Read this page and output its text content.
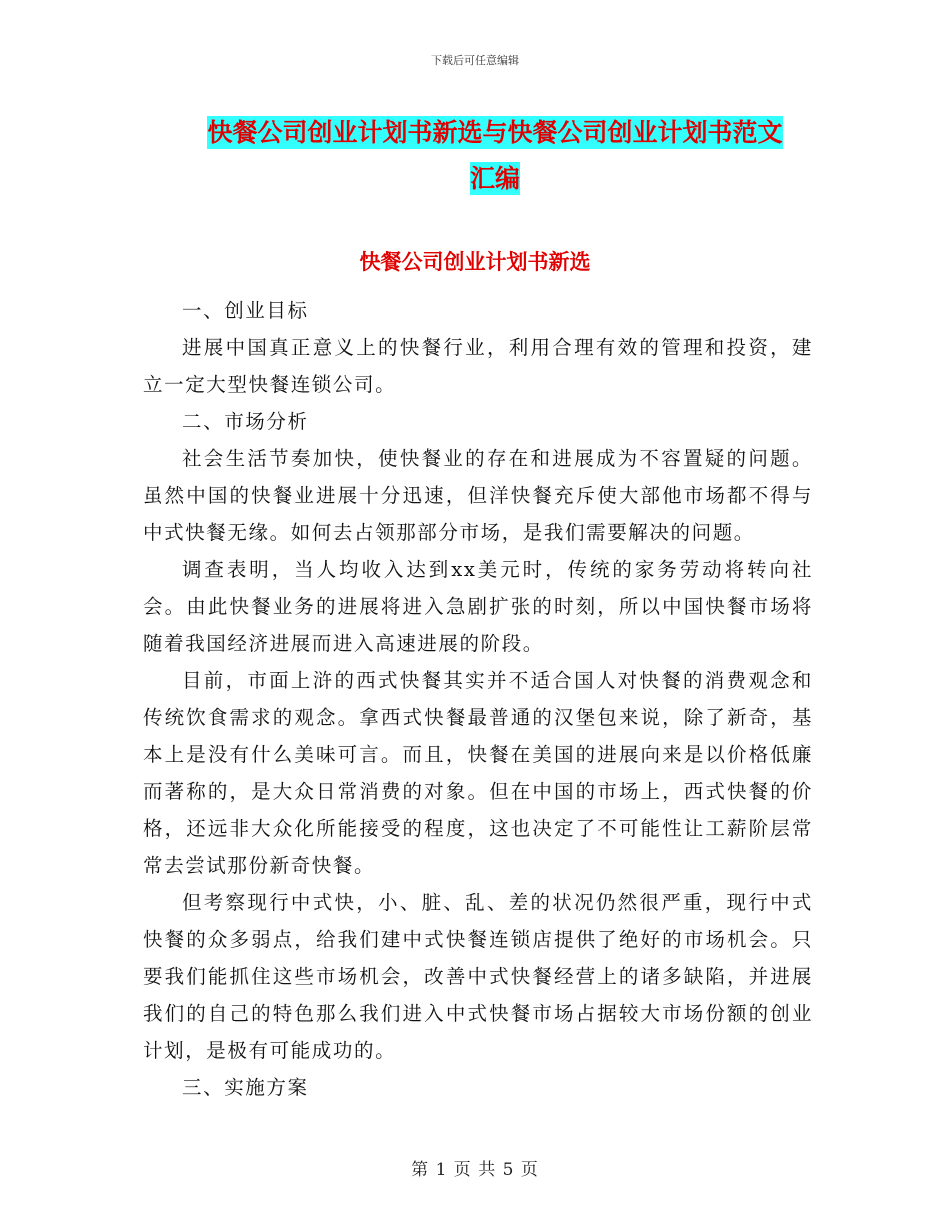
下载后可任意编辑
快餐公司创业计划书新选与快餐公司创业计划书范文
汇编
快餐公司创业计划书新选

一、创业目标

进展中国真正意义上的快餐行业，利用合理有效的管理和投资，建立一定大型快餐连锁公司。

二、市场分析

社会生活节奏加快，使快餐业的存在和进展成为不容置疑的问题。虽然中国的快餐业进展十分迅速，但洋快餐充斥使大部他市场都不得与中式快餐无缘。如何去占领那部分市场，是我们需要解决的问题。

调查表明，当人均收入达到xx美元时，传统的家务劳动将转向社会。由此快餐业务的进展将进入急剧扩张的时刻，所以中国快餐市场将随着我国经济进展而进入高速进展的阶段。

目前，市面上浒的西式快餐其实并不适合国人对快餐的消费观念和传统饮食需求的观念。拿西式快餐最普通的汉堡包来说，除了新奇，基本上是没有什么美味可言。而且，快餐在美国的进展向来是以价格低廉而著称的，是大众日常消费的对象。但在中国的市场上，西式快餐的价格，还远非大众化所能接受的程度，这也决定了不可能性让工薪阶层常常去尝试那份新奇快餐。

但考察现行中式快，小、脏、乱、差的状况仍然很严重，现行中式快餐的众多弱点，给我们建中式快餐连锁店提供了绝好的市场机会。只要我们能抓住这些市场机会，改善中式快餐经营上的诸多缺陷，并进展我们的自己的特色那么我们进入中式快餐市场占据较大市场份额的创业计划，是极有可能成功的。

三、实施方案

第 1 页 共 5 页
